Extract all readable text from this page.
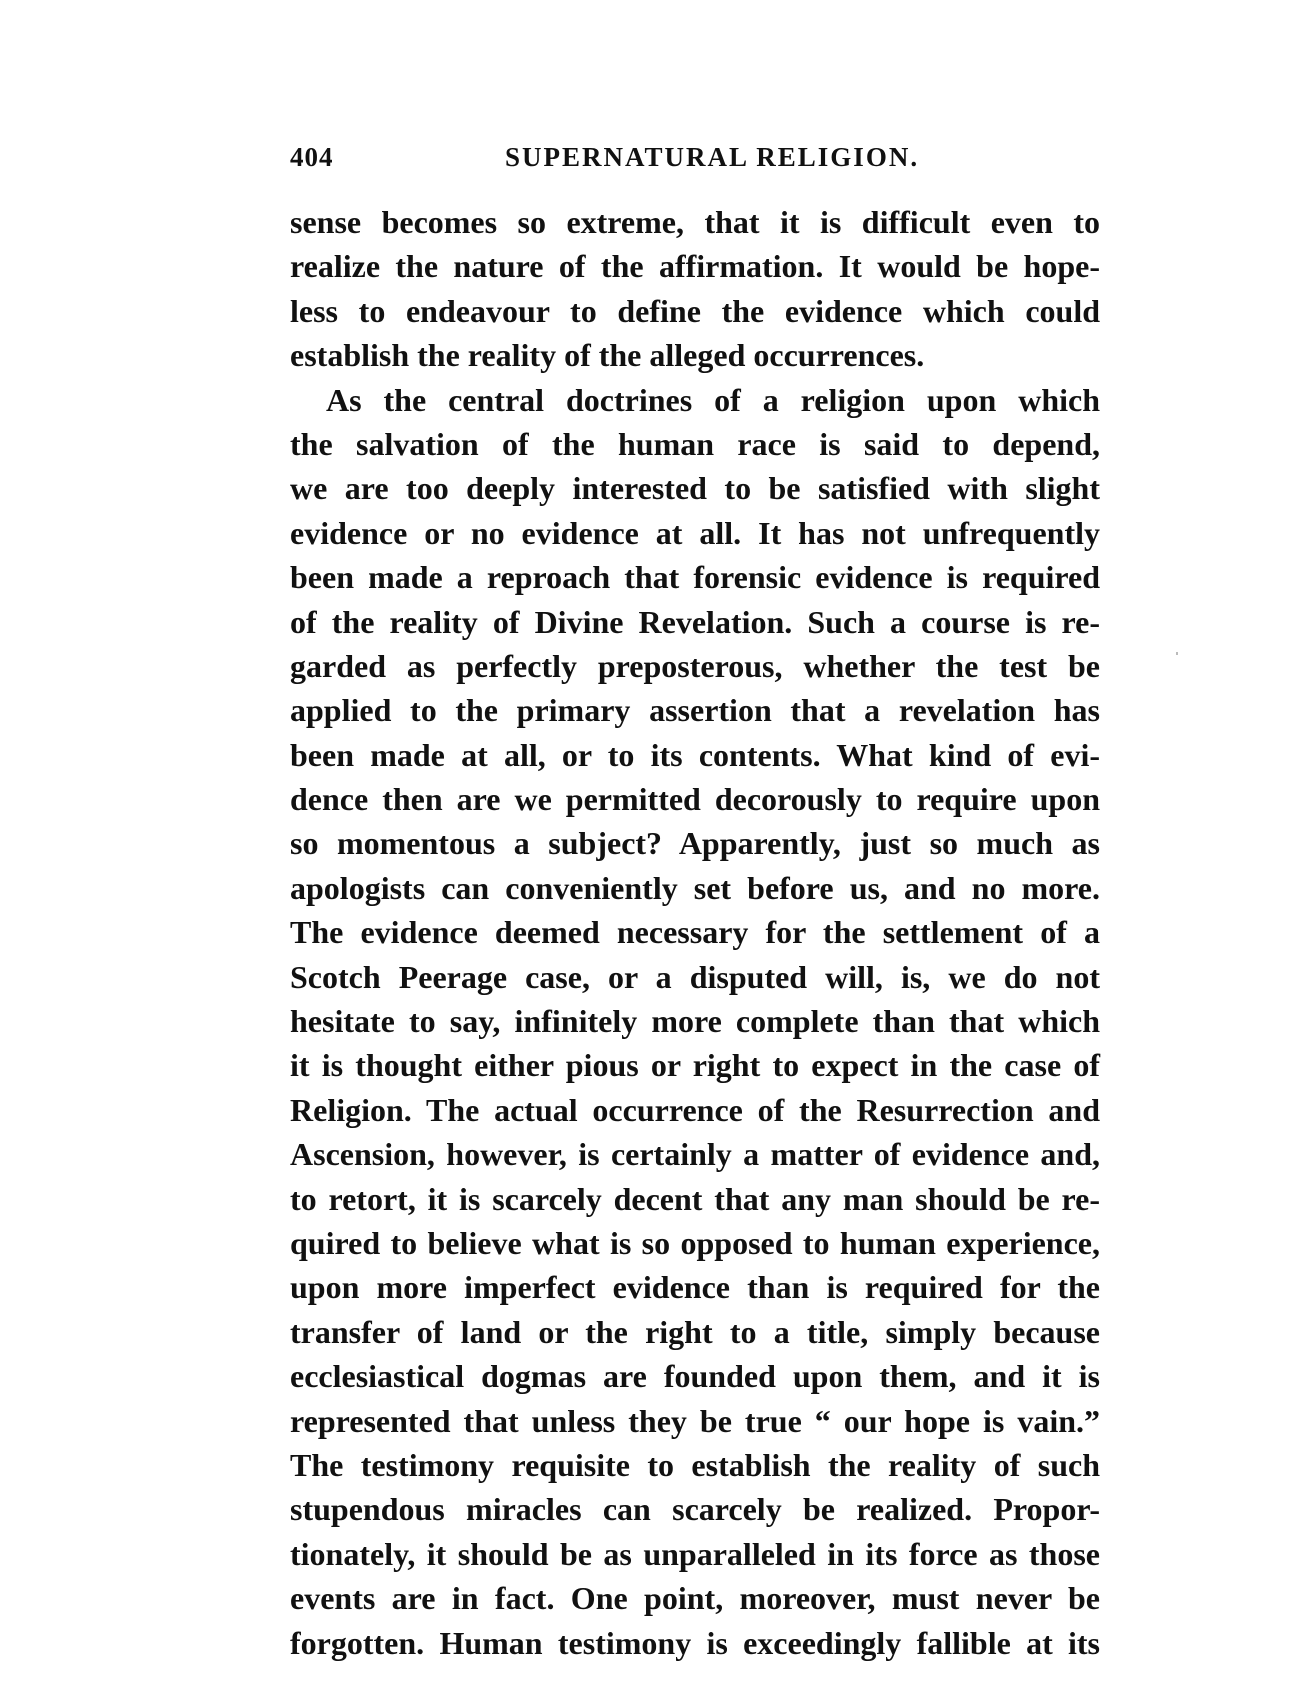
404	SUPERNATURAL RELIGION.
sense becomes so extreme, that it is difficult even to
realize the nature of the affirmation. It would be hope-
less to endeavour to define the evidence which could
establish the reality of the alleged occurrences.
As the central doctrines of a religion upon which
the salvation of the human race is said to depend,
we are too deeply interested to be satisfied with slight
evidence or no evidence at all. It has not unfrequently
been made a reproach that forensic evidence is required
of the reality of Divine Revelation. Such a course is re-
garded as perfectly preposterous, whether the test be
applied to the primary assertion that a revelation has
been made at all, or to its contents. What kind of evi-
dence then are we permitted decorously to require upon
so momentous a subject? Apparently, just so much as
apologists can conveniently set before us, and no more.
The evidence deemed necessary for the settlement of a
Scotch Peerage case, or a disputed will, is, we do not
hesitate to say, infinitely more complete than that which
it is thought either pious or right to expect in the case of
Religion. The actual occurrence of the Resurrection and
Ascension, however, is certainly a matter of evidence and,
to retort, it is scarcely decent that any man should be re-
quired to believe what is so opposed to human experience,
upon more imperfect evidence than is required for the
transfer of land or the right to a title, simply because
ecclesiastical dogmas are founded upon them, and it is
represented that unless they be true “ our hope is vain.”
The testimony requisite to establish the reality of such
stupendous miracles can scarcely be realized. Propor-
tionately, it should be as unparalleled in its force as those
events are in fact. One point, moreover, must never be
forgotten. Human testimony is exceedingly fallible at its
